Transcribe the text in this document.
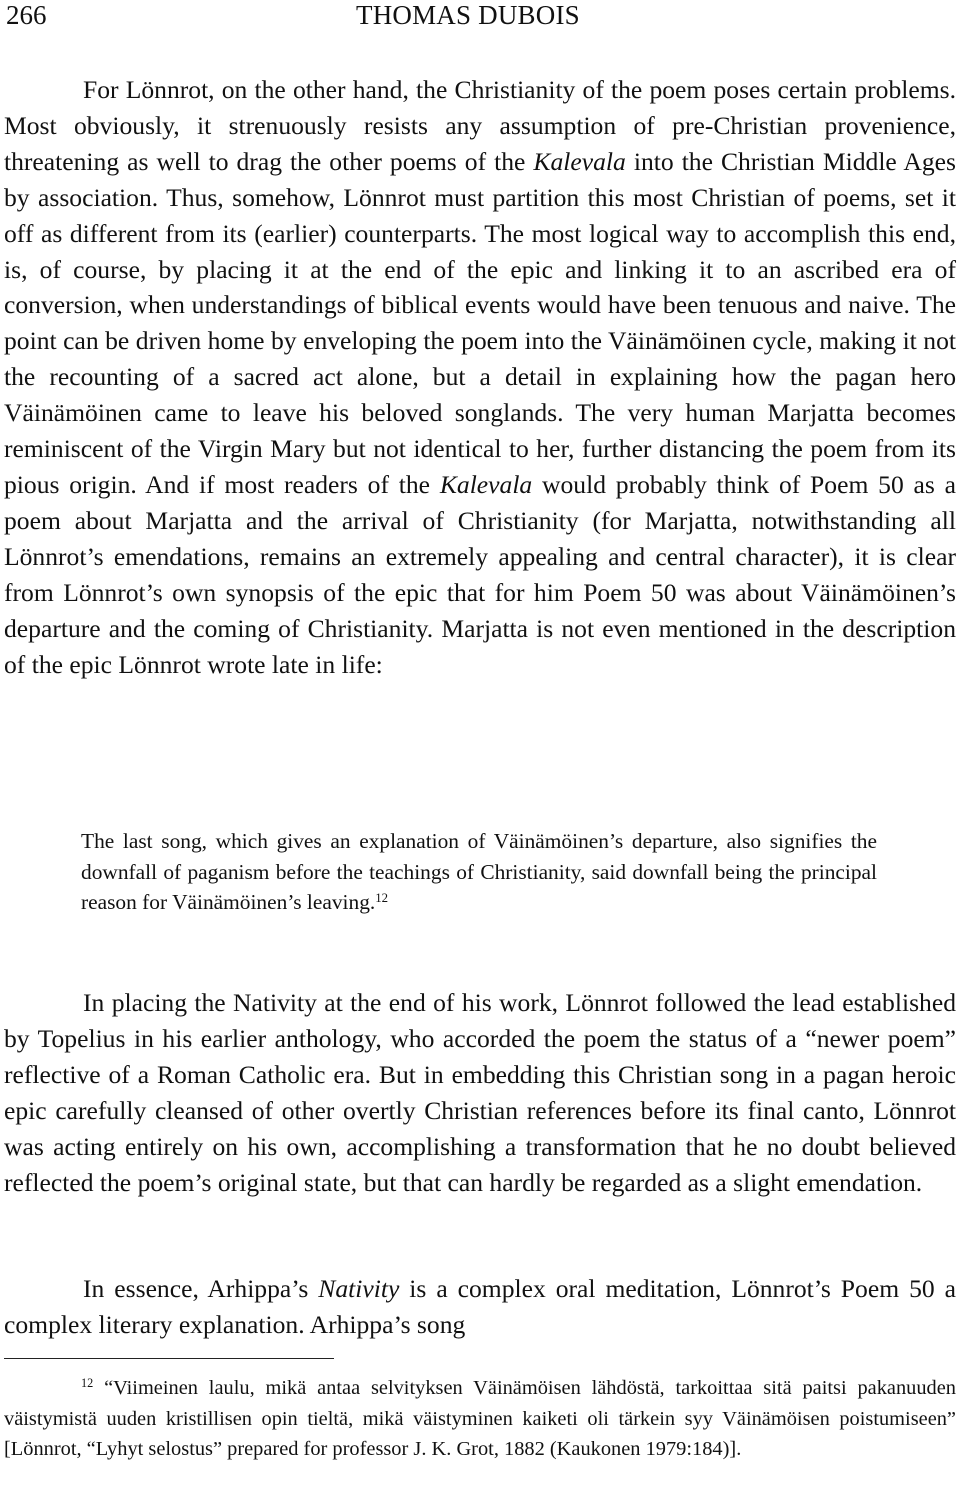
266	THOMAS DUBOIS

For Lönnrot, on the other hand, the Christianity of the poem poses certain problems. Most obviously, it strenuously resists any assumption of pre-Christian provenience, threatening as well to drag the other poems of the Kalevala into the Christian Middle Ages by association. Thus, somehow, Lönnrot must partition this most Christian of poems, set it off as different from its (earlier) counterparts. The most logical way to accomplish this end, is, of course, by placing it at the end of the epic and linking it to an ascribed era of conversion, when understandings of biblical events would have been tenuous and naive. The point can be driven home by enveloping the poem into the Väinämöinen cycle, making it not the recounting of a sacred act alone, but a detail in explaining how the pagan hero Väinämöinen came to leave his beloved songlands. The very human Marjatta becomes reminiscent of the Virgin Mary but not identical to her, further distancing the poem from its pious origin. And if most readers of the Kalevala would probably think of Poem 50 as a poem about Marjatta and the arrival of Christianity (for Marjatta, notwithstanding all Lönnrot’s emendations, remains an extremely appealing and central character), it is clear from Lönnrot’s own synopsis of the epic that for him Poem 50 was about Väinämöinen’s departure and the coming of Christianity. Marjatta is not even mentioned in the description of the epic Lönnrot wrote late in life:

The last song, which gives an explanation of Väinämöinen’s departure, also signifies the downfall of paganism before the teachings of Christianity, said downfall being the principal reason for Väinämöinen’s leaving.$^{12}$

In placing the Nativity at the end of his work, Lönnrot followed the lead established by Topelius in his earlier anthology, who accorded the poem the status of a “newer poem” reflective of a Roman Catholic era. But in embedding this Christian song in a pagan heroic epic carefully cleansed of other overtly Christian references before its final canto, Lönnrot was acting entirely on his own, accomplishing a transformation that he no doubt believed reflected the poem’s original state, but that can hardly be regarded as a slight emendation.

In essence, Arhippa’s Nativity is a complex oral meditation, Lönnrot’s Poem 50 a complex literary explanation. Arhippa’s song

$^{12}$ “Viimeinen laulu, mikä antaa selvityksen Väinämöisen lähdöstä, tarkoittaa sitä paitsi pakanuuden väistymistä uuden kristillisen opin tieltä, mikä väistyminen kaiketi oli tärkein syy Väinämöisen poistumiseen” [Lönnrot, “Lyhyt selostus” prepared for professor J. K. Grot, 1882 (Kaukonen 1979:184)].
